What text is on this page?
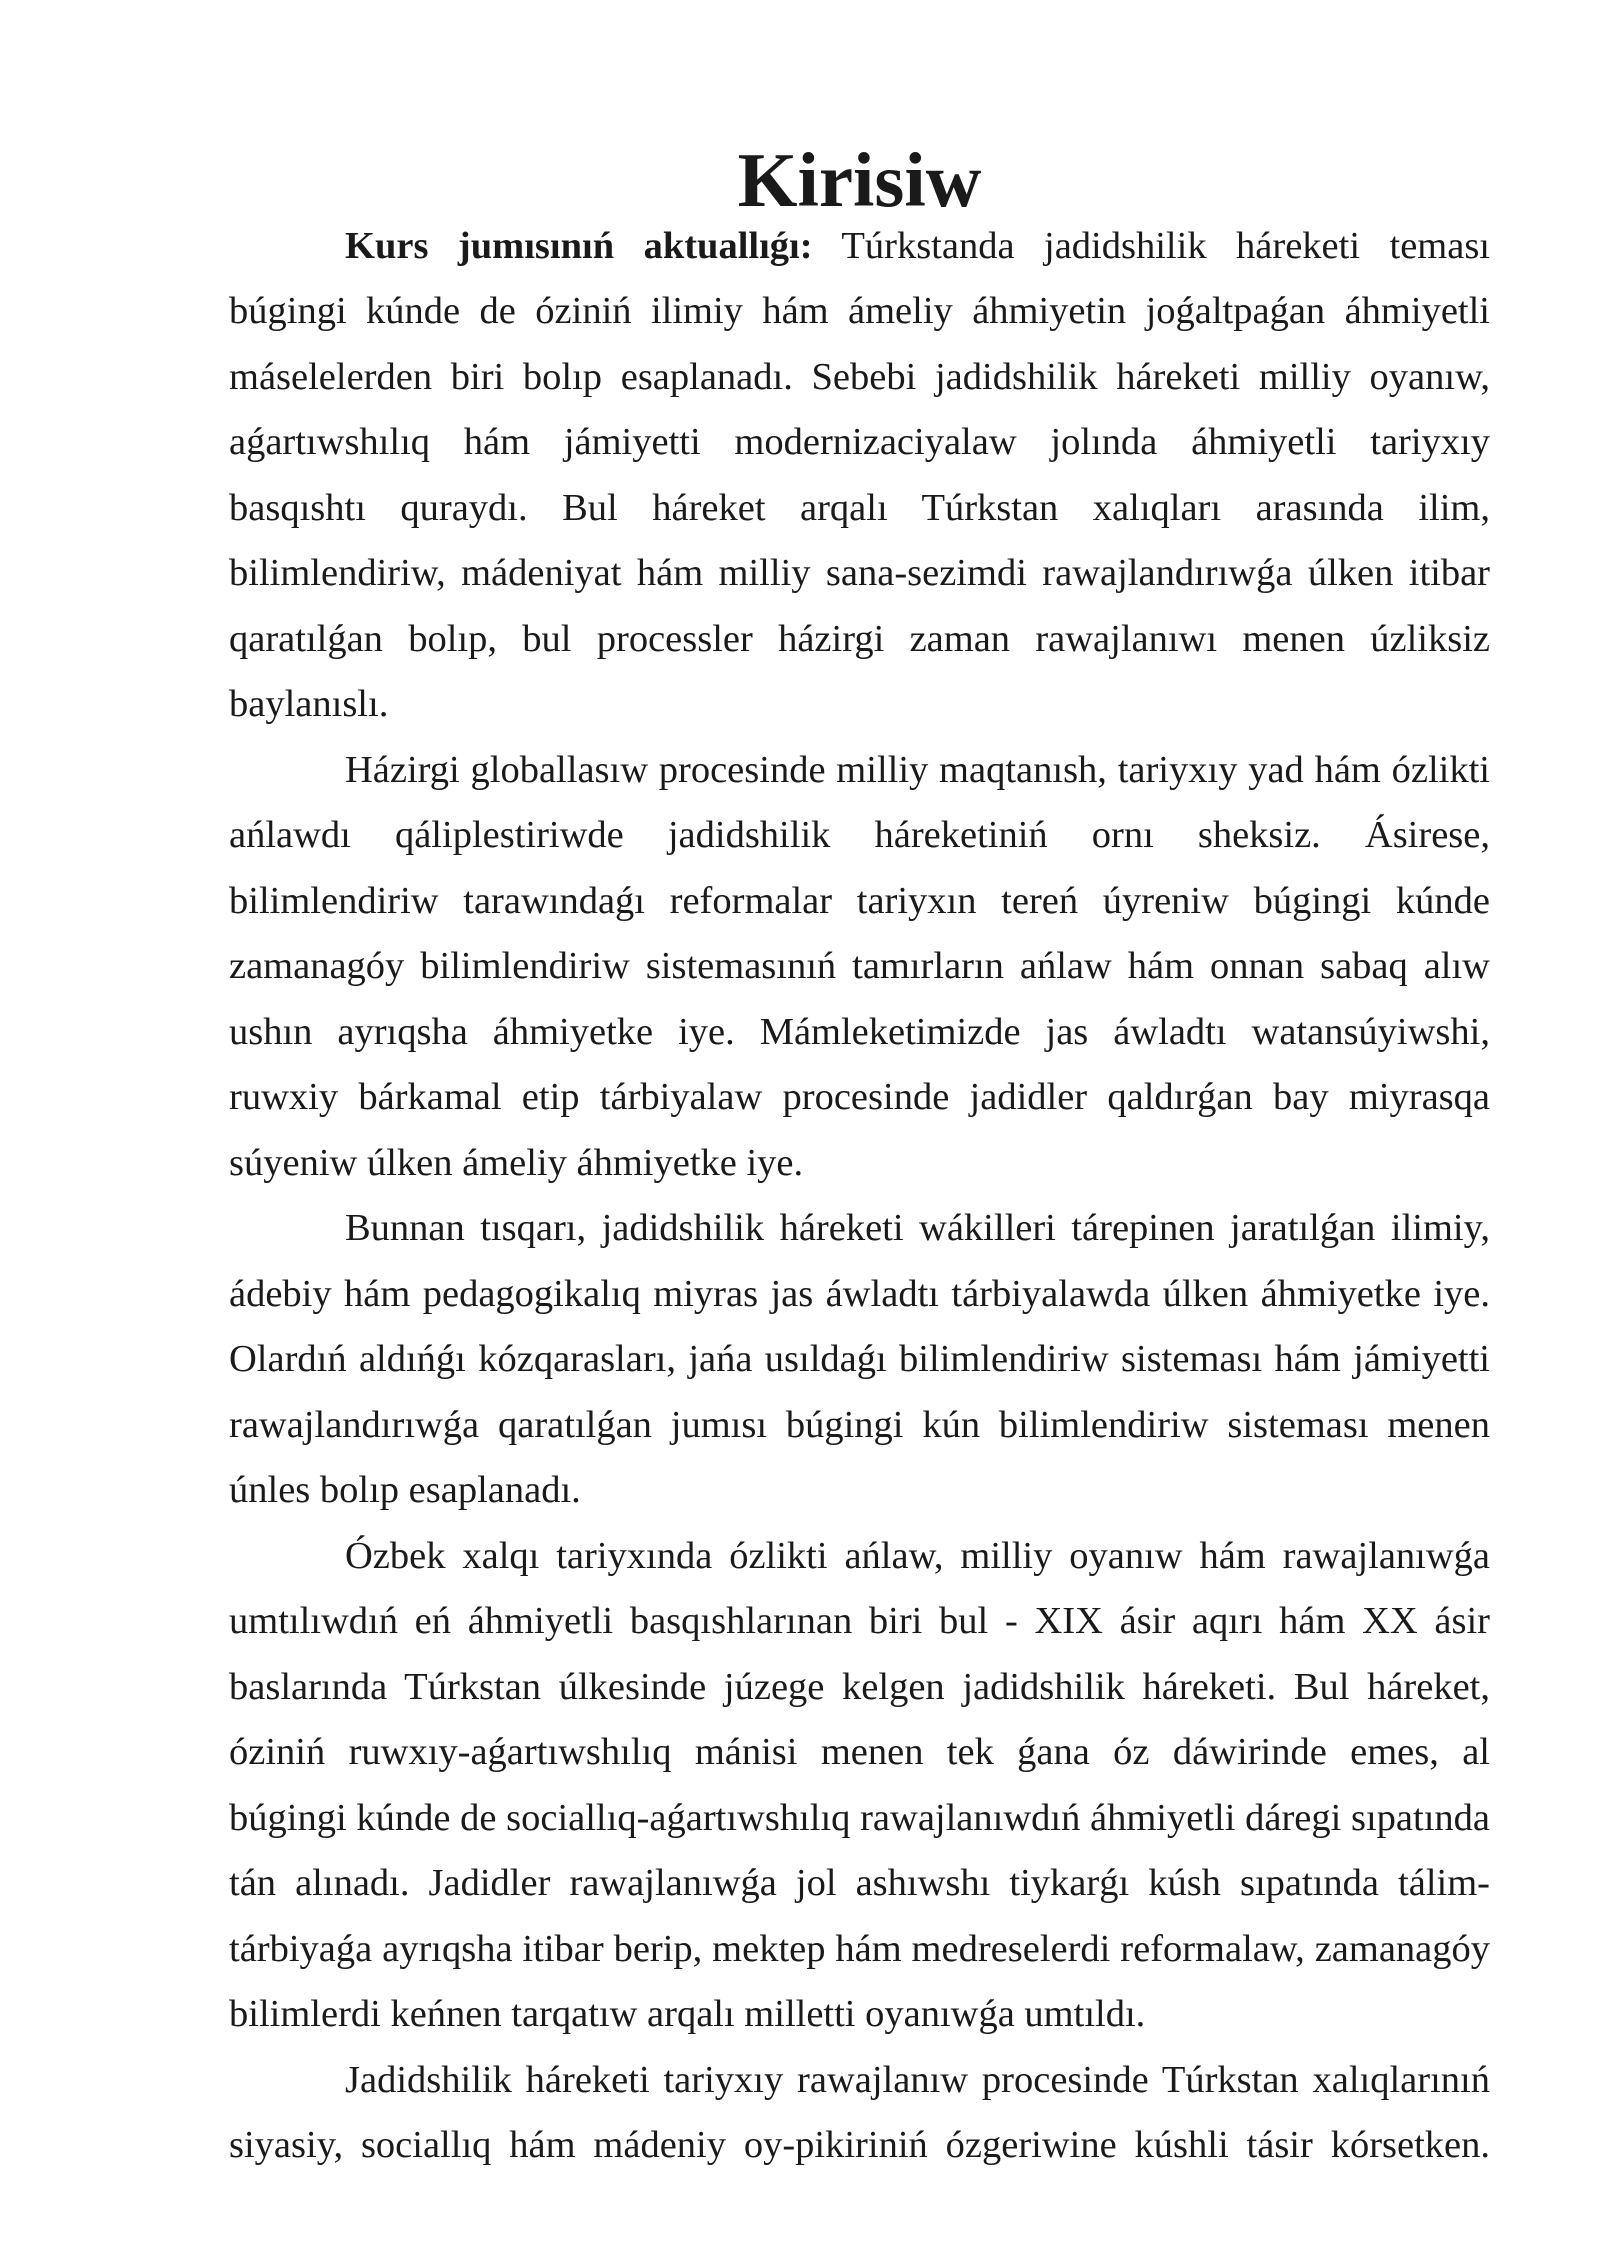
Kirisiw

Kurs jumısınıń aktuallıǵı: Túrkstanda jadidshilik háreketi teması búgingi kúnde de óziniń ilimiy hám ámeliy áhmiyetin joǵaltpaǵan áhmiyetli máselelerden biri bolıp esaplanadı. Sebebi jadidshilik háreketi milliy oyanıw, aǵartıwshılıq hám jámiyetti modernizaciyalaw jolında áhmiyetli tariyxıy basqıshtı quraydı. Bul háreket arqalı Túrkstan xalıqları arasında ilim, bilimlendiriw, mádeniyat hám milliy sana-sezimdi rawajlandırıwǵa úlken itibar qaratılǵan bolıp, bul processler házirgi zaman rawajlanıwı menen úzliksiz baylanıslı.

Házirgi globallasıw procesinde milliy maqtanısh, tariyxıy yad hám ózlikti ańlawdı qáliplestiriwde jadidshilik háreketiniń ornı sheksiz. Ásirese, bilimlendiriw tarawındaǵı reformalar tariyxın tereń úyreniw búgingi kúnde zamanagóy bilimlendiriw sistemasınıń tamırların ańlaw hám onnan sabaq alıw ushın ayrıqsha áhmiyetke iye. Mámleketimizde jas áwladtı watansúyiwshi, ruwxiy bárkamal etip tárbiyalaw procesinde jadidler qaldırǵan bay miyrasqa súyeniw úlken ámeliy áhmiyetke iye.

Bunnan tısqarı, jadidshilik háreketi wákilleri tárepinen jaratılǵan ilimiy, ádebiy hám pedagogikalıq miyras jas áwladtı tárbiyalawda úlken áhmiyetke iye. Olardıń aldıńǵı kózqarasları, jańa usıldaǵı bilimlendiriw sisteması hám jámiyetti rawajlandırıwǵa qaratılǵan jumısı búgingi kún bilimlendiriw sisteması menen únles bolıp esaplanadı.

Ózbek xalqı tariyxında ózlikti ańlaw, milliy oyanıw hám rawajlanıwǵa umtılıwdıń eń áhmiyetli basqıshlarınan biri bul - XIX ásir aqırı hám XX ásir baslarında Túrkstan úlkesinde júzege kelgen jadidshilik háreketi. Bul háreket, óziniń ruwxıy-aǵartıwshılıq mánisi menen tek ǵana óz dáwirinde emes, al búgingi kúnde de sociallıq-aǵartıwshılıq rawajlanıwdıń áhmiyetli dáregi sıpatında tán alınadı. Jadidler rawajlanıwǵa jol ashıwshı tiykarǵı kúsh sıpatında tálim-tárbiyaǵa ayrıqsha itibar berip, mektep hám medreselerdi reformalaw, zamanagóy bilimlerdi keńnen tarqatıw arqalı milletti oyanıwǵa umtıldı.

Jadidshilik háreketi tariyxıy rawajlanıw procesinde Túrkstan xalıqlarınıń siyasiy, sociallıq hám mádeniy oy-pikiriniń ózgeriwine kúshli tásir kórsetken.
